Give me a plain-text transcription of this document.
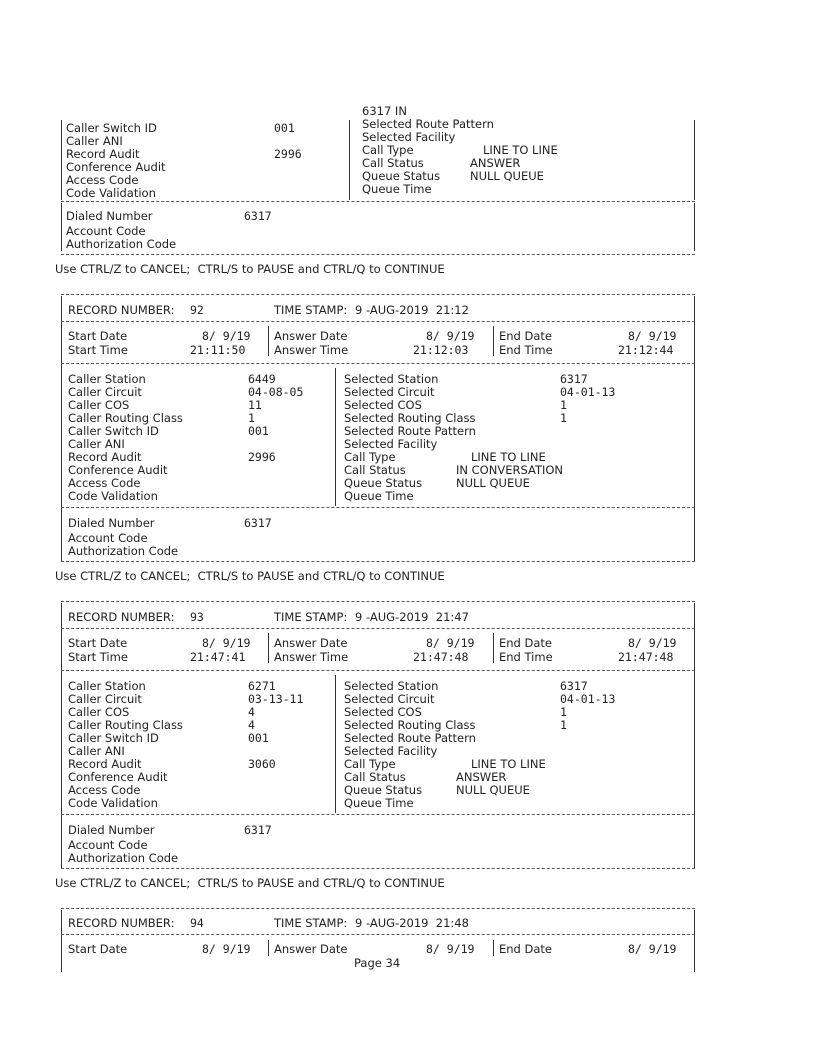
6317 IN
Caller Switch ID	001
Caller ANI
Record Audit	2996
Conference Audit
Access Code
Code Validation
Selected Route Pattern
Selected Facility
Call Type	LINE TO LINE
Call Status	ANSWER
Queue Status	NULL QUEUE
Queue Time
Dialed Number	6317
Account Code
Authorization Code
Use CTRL/Z to CANCEL;  CTRL/S to PAUSE and CTRL/Q to CONTINUE
RECORD NUMBER: 92	TIME STAMP: 9 -AUG-2019  21:12
Start Date	8/ 9/19 Answer Date	8/ 9/19 End Date	8/ 9/19
Start Time	21:11:50 Answer Time	21:12:03	End Time	21:12:44
Caller Station	6449
Caller Circuit	04-08-05
Caller COS	11
Caller Routing Class	1
Caller Switch ID	001
Caller ANI
Record Audit	2996
Conference Audit
Access Code
Code Validation
Selected Station	6317
Selected Circuit	04-01-13
Selected COS	1
Selected Routing Class	1
Selected Route Pattern
Selected Facility
Call Type	LINE TO LINE
Call Status	IN CONVERSATION
Queue Status	NULL QUEUE
Queue Time
Dialed Number	6317
Account Code
Authorization Code
Use CTRL/Z to CANCEL;  CTRL/S to PAUSE and CTRL/Q to CONTINUE
RECORD NUMBER: 93	TIME STAMP: 9 -AUG-2019  21:47
Start Date	8/ 9/19 Answer Date	8/ 9/19 End Date	8/ 9/19
Start Time	21:47:41 Answer Time	21:47:48	End Time	21:47:48
Caller Station	6271
Caller Circuit	03-13-11
Caller COS	4
Caller Routing Class	4
Caller Switch ID	001
Caller ANI
Record Audit	3060
Conference Audit
Access Code
Code Validation
Selected Station	6317
Selected Circuit	04-01-13
Selected COS	1
Selected Routing Class	1
Selected Route Pattern
Selected Facility
Call Type	LINE TO LINE
Call Status	ANSWER
Queue Status	NULL QUEUE
Queue Time
Dialed Number	6317
Account Code
Authorization Code
Use CTRL/Z to CANCEL;  CTRL/S to PAUSE and CTRL/Q to CONTINUE
RECORD NUMBER: 94	TIME STAMP: 9 -AUG-2019  21:48
Start Date	8/ 9/19 Answer Date	8/ 9/19 End Date	8/ 9/19
Page 34
